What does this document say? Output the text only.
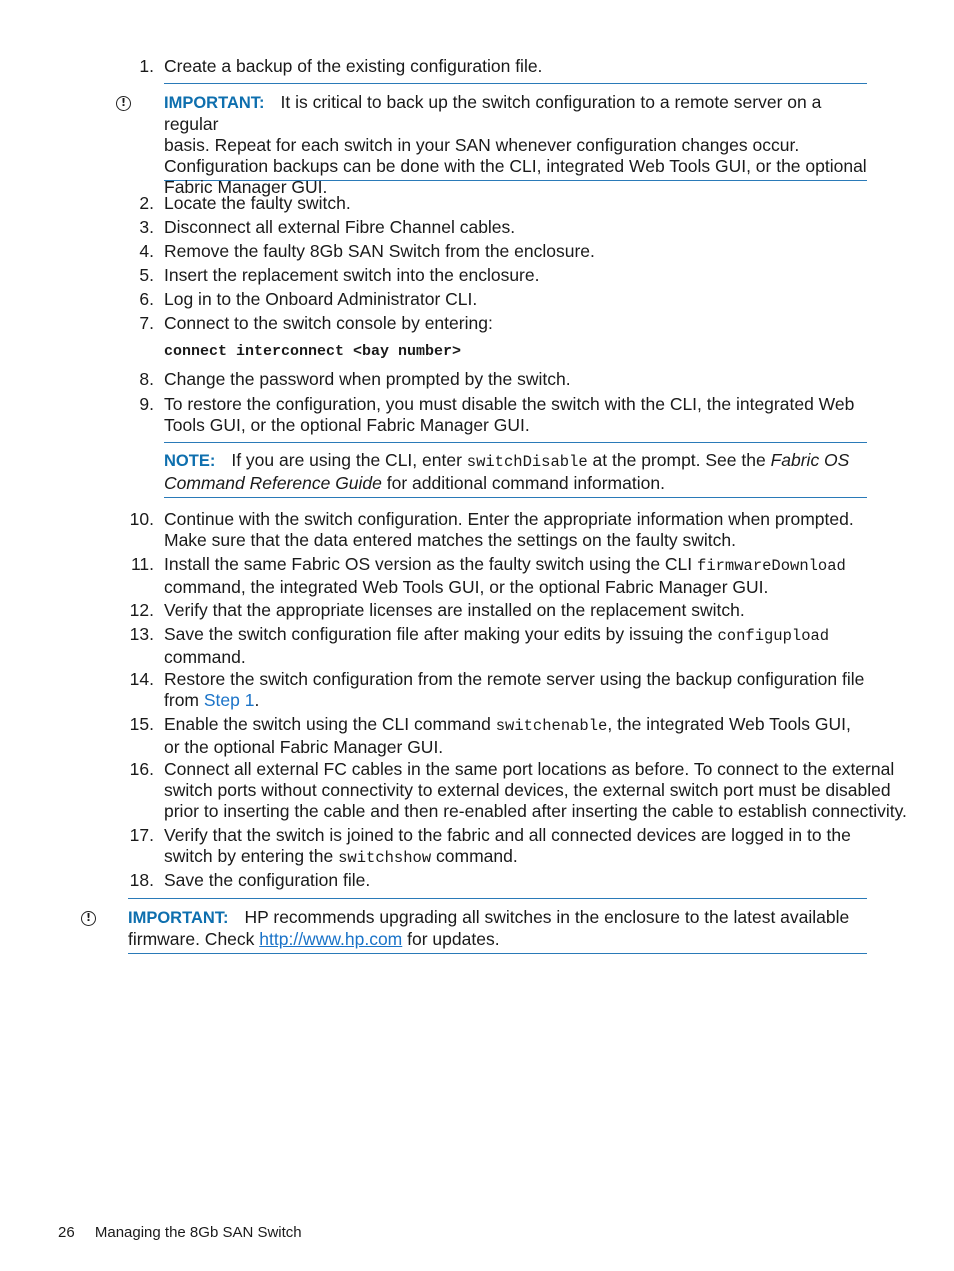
1. Create a backup of the existing configuration file.
!	IMPORTANT: It is critical to back up the switch configuration to a remote server on a regular
basis. Repeat for each switch in your SAN whenever configuration changes occur.
Configuration backups can be done with the CLI, integrated Web Tools GUI, or the optional
Fabric Manager GUI.
2. Locate the faulty switch.
3. Disconnect all external Fibre Channel cables.
4. Remove the faulty 8Gb SAN Switch from the enclosure.
5. Insert the replacement switch into the enclosure.
6. Log in to the Onboard Administrator CLI.
7. Connect to the switch console by entering:
connect interconnect <bay number>
8. Change the password when prompted by the switch.
9. To restore the configuration, you must disable the switch with the CLI, the integrated Web
Tools GUI, or the optional Fabric Manager GUI.
NOTE: If you are using the CLI, enter switchDisable at the prompt. See the Fabric OS
Command Reference Guide for additional command information.
10. Continue with the switch configuration. Enter the appropriate information when prompted.
Make sure that the data entered matches the settings on the faulty switch.
11. Install the same Fabric OS version as the faulty switch using the CLI firmwareDownload
command, the integrated Web Tools GUI, or the optional Fabric Manager GUI.
12. Verify that the appropriate licenses are installed on the replacement switch.
13. Save the switch configuration file after making your edits by issuing the configupload
command.
14. Restore the switch configuration from the remote server using the backup configuration file
from Step 1.
15. Enable the switch using the CLI command switchenable, the integrated Web Tools GUI,
or the optional Fabric Manager GUI.
16. Connect all external FC cables in the same port locations as before. To connect to the external
switch ports without connectivity to external devices, the external switch port must be disabled
prior to inserting the cable and then re-enabled after inserting the cable to establish connectivity.
17. Verify that the switch is joined to the fabric and all connected devices are logged in to the
switch by entering the switchshow command.
18. Save the configuration file.
!	IMPORTANT: HP recommends upgrading all switches in the enclosure to the latest available
firmware. Check http://www.hp.com for updates.
26 Managing the 8Gb SAN Switch
